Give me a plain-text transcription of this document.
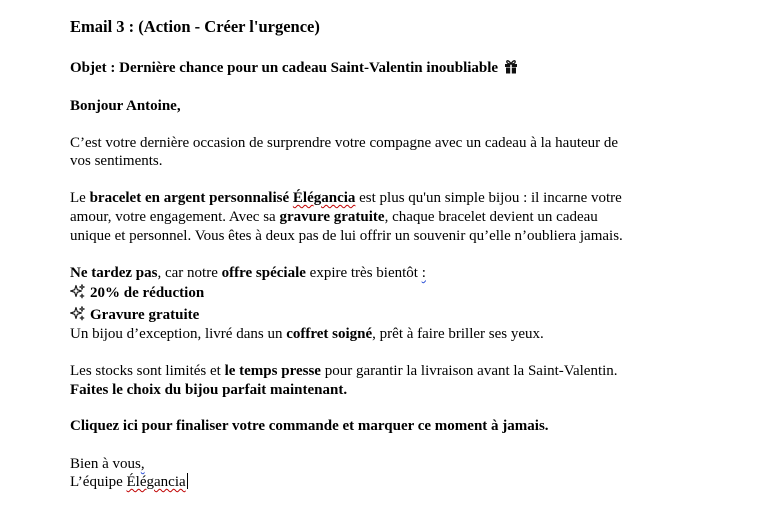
Email 3 : (Action - Créer l'urgence)
Objet : Dernière chance pour un cadeau Saint-Valentin inoubliable
Bonjour Antoine,
C’est votre dernière occasion de surprendre votre compagne avec un cadeau à la hauteur de
vos sentiments.
Le bracelet en argent personnalisé Élégancia est plus qu'un simple bijou : il incarne votre
amour, votre engagement. Avec sa gravure gratuite, chaque bracelet devient un cadeau
unique et personnel. Vous êtes à deux pas de lui offrir un souvenir qu’elle n’oubliera jamais.
Ne tardez pas, car notre offre spéciale expire très bientôt :
20% de réduction
Gravure gratuite
Un bijou d’exception, livré dans un coffret soigné, prêt à faire briller ses yeux.
Les stocks sont limités et le temps presse pour garantir la livraison avant la Saint-Valentin.
Faites le choix du bijou parfait maintenant.
Cliquez ici pour finaliser votre commande et marquer ce moment à jamais.
Bien à vous,
L’équipe Élégancia
